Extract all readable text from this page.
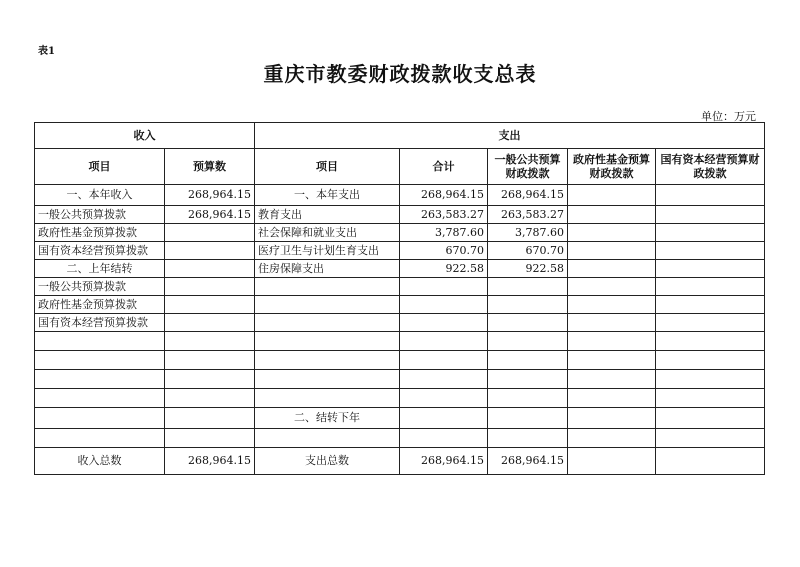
表1
重庆市教委财政拨款收支总表
单位：万元
收入		支出				
项目	预算数	项目	合计	一般公共预算财政拨款	政府性基金预算财政拨款	国有资本经营预算财政拨款
一、本年收入	268,964.15	一、本年支出	268,964.15	268,964.15		
一般公共预算拨款	268,964.15	教育支出	263,583.27	263,583.27		
政府性基金预算拨款		社会保障和就业支出	3,787.60	3,787.60		
国有资本经营预算拨款		医疗卫生与计划生育支出	670.70	670.70		
二、上年结转		住房保障支出	922.58	922.58		
一般公共预算拨款						
政府性基金预算拨款						
国有资本经营预算拨款						

		二、结转下年				

收入总数	268,964.15	支出总数	268,964.15	268,964.15		
